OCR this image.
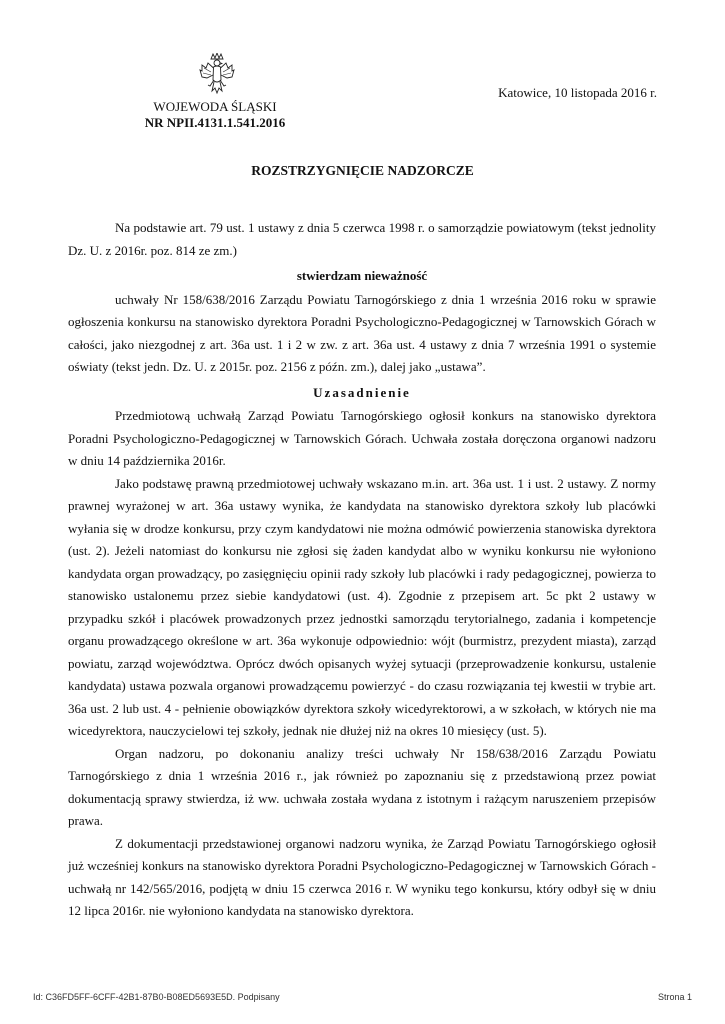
WOJEWODA ŚLĄSKI
NR NPII.4131.1.541.2016
Katowice, 10 listopada 2016 r.
ROZSTRZYGNIĘCIE NADZORCZE

Na podstawie art. 79 ust. 1 ustawy z dnia 5 czerwca 1998 r. o samorządzie powiatowym (tekst jednolity Dz. U. z 2016r. poz. 814 ze zm.)

stwierdzam nieważność

uchwały Nr 158/638/2016 Zarządu Powiatu Tarnogórskiego z dnia 1 września 2016 roku w sprawie ogłoszenia konkursu na stanowisko dyrektora Poradni Psychologiczno-Pedagogicznej w Tarnowskich Górach w całości, jako niezgodnej z art. 36a ust. 1 i 2 w zw. z art. 36a ust. 4 ustawy z dnia 7 września 1991 o systemie oświaty (tekst jedn. Dz. U. z 2015r. poz. 2156 z późn. zm.), dalej jako „ustawa”.

Uzasadnienie

Przedmiotową uchwałą Zarząd Powiatu Tarnogórskiego ogłosił konkurs na stanowisko dyrektora Poradni Psychologiczno-Pedagogicznej w Tarnowskich Górach. Uchwała została doręczona organowi nadzoru w dniu 14 października 2016r.

Jako podstawę prawną przedmiotowej uchwały wskazano m.in. art. 36a ust. 1 i ust. 2 ustawy. Z normy prawnej wyrażonej w art. 36a ustawy wynika, że kandydata na stanowisko dyrektora szkoły lub placówki wyłania się w drodze konkursu, przy czym kandydatowi nie można odmówić powierzenia stanowiska dyrektora (ust. 2). Jeżeli natomiast do konkursu nie zgłosi się żaden kandydat albo w wyniku konkursu nie wyłoniono kandydata organ prowadzący, po zasięgnięciu opinii rady szkoły lub placówki i rady pedagogicznej, powierza to stanowisko ustalonemu przez siebie kandydatowi (ust. 4). Zgodnie z przepisem art. 5c pkt 2 ustawy w przypadku szkół i placówek prowadzonych przez jednostki samorządu terytorialnego, zadania i kompetencje organu prowadzącego określone w art. 36a wykonuje odpowiednio: wójt (burmistrz, prezydent miasta), zarząd powiatu, zarząd województwa. Oprócz dwóch opisanych wyżej sytuacji (przeprowadzenie konkursu, ustalenie kandydata) ustawa pozwala organowi prowadzącemu powierzyć - do czasu rozwiązania tej kwestii w trybie art. 36a ust. 2 lub ust. 4 - pełnienie obowiązków dyrektora szkoły wicedyrektorowi, a w szkołach, w których nie ma wicedyrektora, nauczycielowi tej szkoły, jednak nie dłużej niż na okres 10 miesięcy (ust. 5).

Organ nadzoru, po dokonaniu analizy treści uchwały Nr 158/638/2016 Zarządu Powiatu Tarnogórskiego z dnia 1 września 2016 r., jak również po zapoznaniu się z przedstawioną przez powiat dokumentacją sprawy stwierdza, iż ww. uchwała została wydana z istotnym i rażącym naruszeniem przepisów prawa.

Z dokumentacji przedstawionej organowi nadzoru wynika, że Zarząd Powiatu Tarnogórskiego ogłosił już wcześniej konkurs na stanowisko dyrektora Poradni Psychologiczno-Pedagogicznej w Tarnowskich Górach - uchwałą nr 142/565/2016, podjętą w dniu 15 czerwca 2016 r. W wyniku tego konkursu, który odbył się w dniu 12 lipca 2016r. nie wyłoniono kandydata na stanowisko dyrektora.

Id: C36FD5FF-6CFF-42B1-87B0-B08ED5693E5D. Podpisany	Strona 1
